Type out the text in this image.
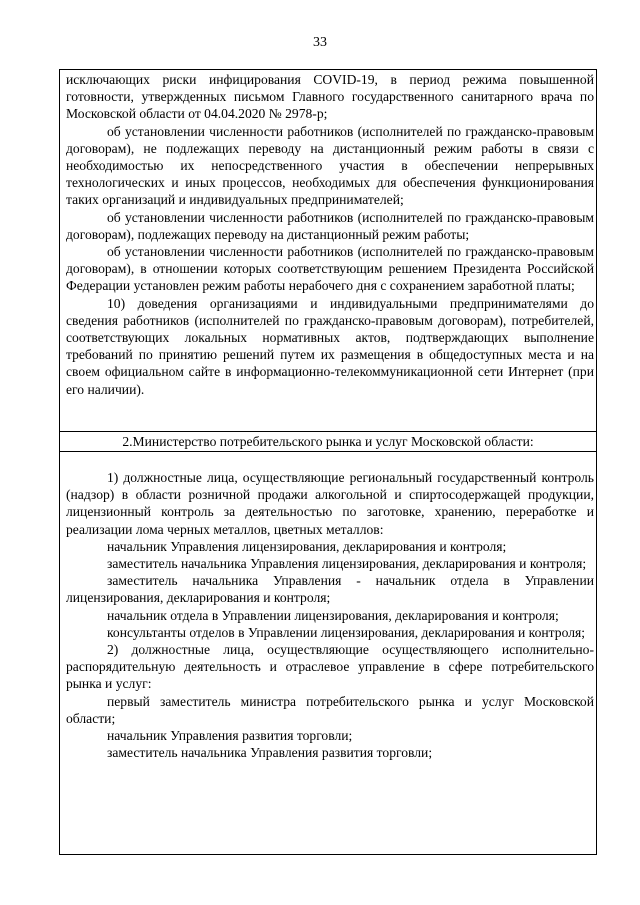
33

исключающих риски инфицирования COVID-19, в период режима повышенной готовности, утвержденных письмом Главного государственного санитарного врача по Московской области от 04.04.2020 № 2978-р;

об установлении численности работников (исполнителей по гражданско-правовым договорам), не подлежащих переводу на дистанционный режим работы в связи с необходимостью их непосредственного участия в обеспечении непрерывных технологических и иных процессов, необходимых для обеспечения функционирования таких организаций и индивидуальных предпринимателей;

об установлении численности работников (исполнителей по гражданско-правовым договорам), подлежащих переводу на дистанционный режим работы;

об установлении численности работников (исполнителей по гражданско-правовым договорам), в отношении которых соответствующим решением Президента Российской Федерации установлен режим работы нерабочего дня с сохранением заработной платы;

10) доведения организациями и индивидуальными предпринимателями до сведения работников (исполнителей по гражданско-правовым договорам), потребителей, соответствующих локальных нормативных актов, подтверждающих выполнение требований по принятию решений путем их размещения в общедоступных места и на своем официальном сайте в информационно-телекоммуникационной сети Интернет (при его наличии).

2.Министерство потребительского рынка и услуг Московской области:

1) должностные лица, осуществляющие региональный государственный контроль (надзор) в области розничной продажи алкогольной и спиртосодержащей продукции, лицензионный контроль за деятельностью по заготовке, хранению, переработке и реализации лома черных металлов, цветных металлов:

начальник Управления лицензирования, декларирования и контроля;

заместитель начальника Управления лицензирования, декларирования и контроля;

заместитель начальника Управления - начальник отдела в Управлении лицензирования, декларирования и контроля;

начальник отдела в Управлении лицензирования, декларирования и контроля;

консультанты отделов в Управлении лицензирования, декларирования и контроля;

2) должностные лица, осуществляющие осуществляющего исполнительно-распорядительную деятельность и отраслевое управление в сфере потребительского рынка и услуг:

первый заместитель министра потребительского рынка и услуг Московской области;

начальник Управления развития торговли;

заместитель начальника Управления развития торговли;
